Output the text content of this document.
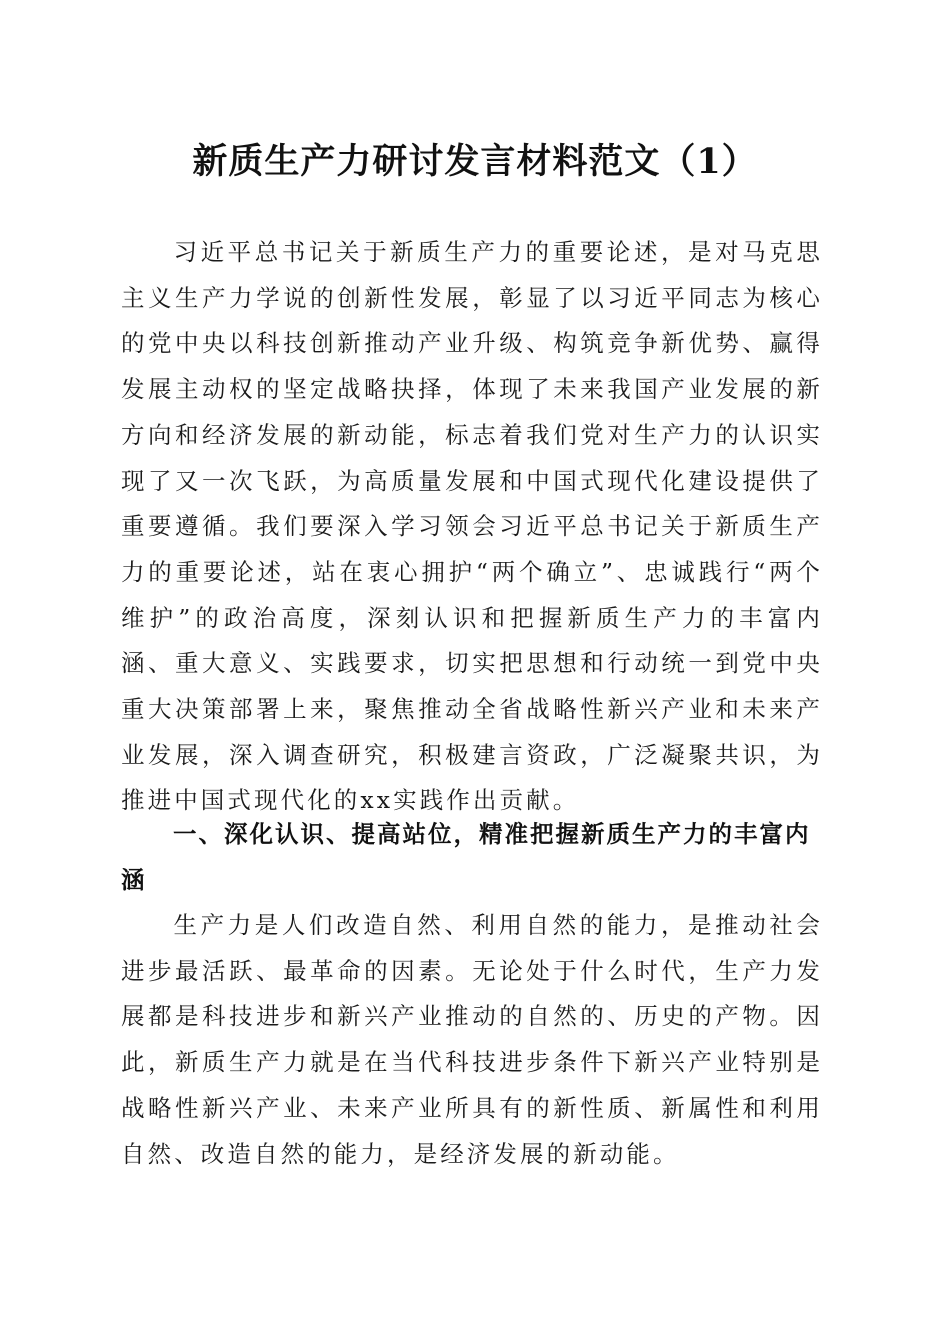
新质生产力研讨发言材料范文（1）

习近平总书记关于新质生产力的重要论述，是对马克思主义生产力学说的创新性发展，彰显了以习近平同志为核心的党中央以科技创新推动产业升级、构筑竞争新优势、赢得发展主动权的坚定战略抉择，体现了未来我国产业发展的新方向和经济发展的新动能，标志着我们党对生产力的认识实现了又一次飞跃，为高质量发展和中国式现代化建设提供了重要遵循。我们要深入学习领会习近平总书记关于新质生产力的重要论述，站在衷心拥护“两个确立”、忠诚践行“两个维护”的政治高度，深刻认识和把握新质生产力的丰富内涵、重大意义、实践要求，切实把思想和行动统一到党中央重大决策部署上来，聚焦推动全省战略性新兴产业和未来产业发展，深入调查研究，积极建言资政，广泛凝聚共识，为推进中国式现代化的xx实践作出贡献。

一、深化认识、提高站位，精准把握新质生产力的丰富内涵

生产力是人们改造自然、利用自然的能力，是推动社会进步最活跃、最革命的因素。无论处于什么时代，生产力发展都是科技进步和新兴产业推动的自然的、历史的产物。因此，新质生产力就是在当代科技进步条件下新兴产业特别是战略性新兴产业、未来产业所具有的新性质、新属性和利用自然、改造自然的能力，是经济发展的新动能。
